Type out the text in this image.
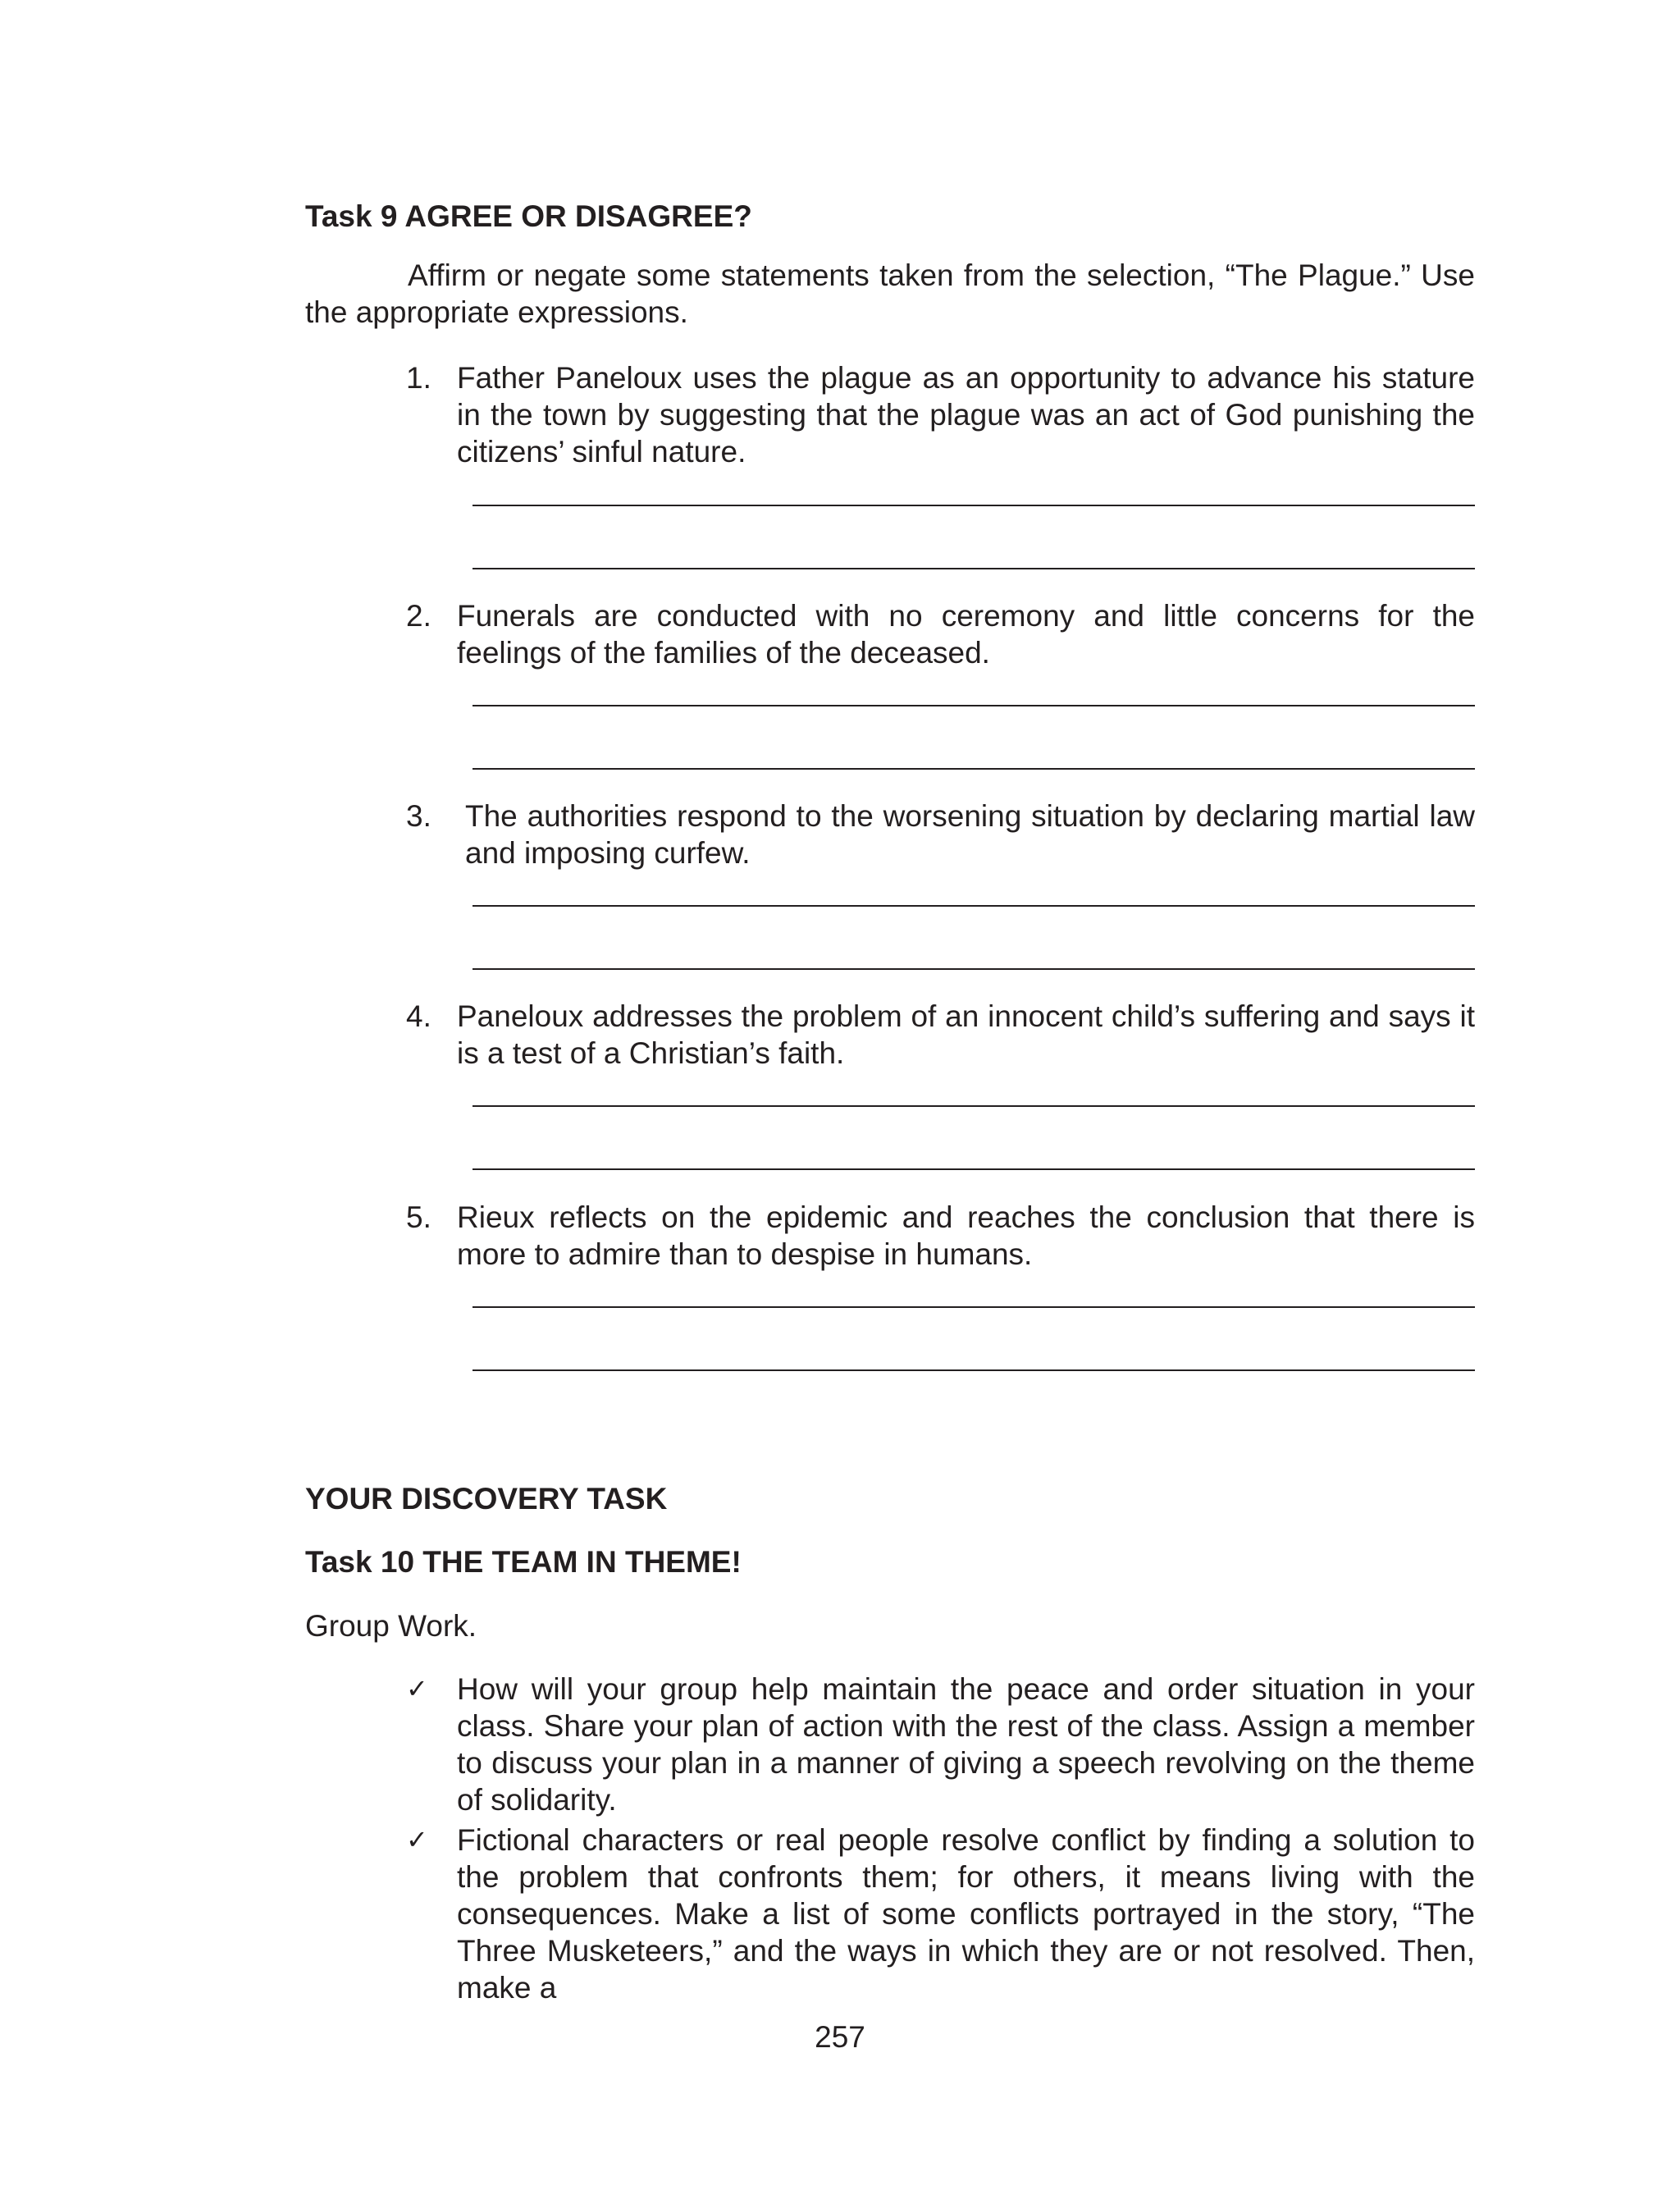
Task 9 AGREE OR DISAGREE?
Affirm or negate some statements taken from the selection, “The Plague.” Use the appropriate expressions.
1. Father Paneloux uses the plague as an opportunity to advance his stature in the town by suggesting that the plague was an act of God punishing the citizens’ sinful nature.
2. Funerals are conducted with no ceremony and little concerns for the feelings of the families of the deceased.
3. The authorities respond to the worsening situation by declaring martial law and imposing curfew.
4. Paneloux addresses the problem of an innocent child’s suffering and says it is a test of a Christian’s faith.
5. Rieux reflects on the epidemic and reaches the conclusion that there is more to admire than to despise in humans.
YOUR DISCOVERY TASK
Task 10 THE TEAM IN THEME!
Group Work.
✓ How will your group help maintain the peace and order situation in your class. Share your plan of action with the rest of the class. Assign a member to discuss your plan in a manner of giving a speech revolving on the theme of solidarity.
✓ Fictional characters or real people resolve conflict by finding a solution to the problem that confronts them; for others, it means living with the consequences. Make a list of some conflicts portrayed in the story, “The Three Musketeers,” and the ways in which they are or not resolved. Then, make a
257
